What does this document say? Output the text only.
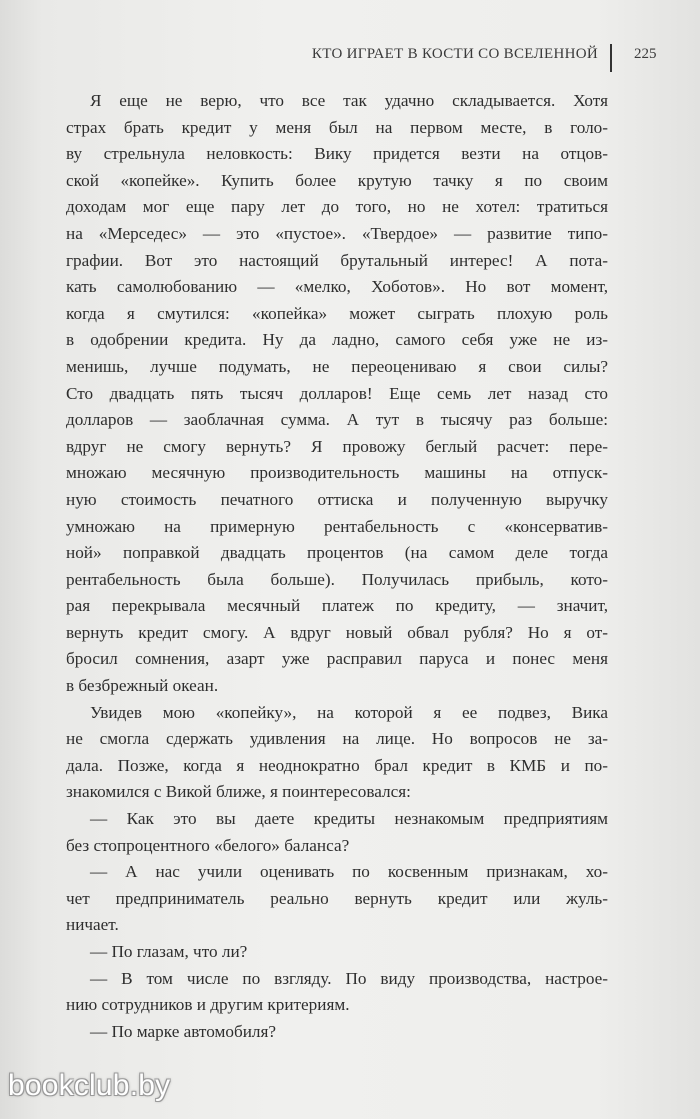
КТО ИГРАЕТ В КОСТИ СО ВСЕЛЕННОЙ 225
Я еще не верю, что все так удачно складывается. Хотя
страх брать кредит у меня был на первом месте, в голо-
ву стрельнула неловкость: Вику придется везти на отцов-
ской «копейке». Купить более крутую тачку я по своим
доходам мог еще пару лет до того, но не хотел: тратиться
на «Мерседес» — это «пустое». «Твердое» — развитие типо-
графии. Вот это настоящий брутальный интерес! А пота-
кать самолюбованию — «мелко, Хоботов». Но вот момент,
когда я смутился: «копейка» может сыграть плохую роль
в одобрении кредита. Ну да ладно, самого себя уже не из-
менишь, лучше подумать, не переоцениваю я свои силы?
Сто двадцать пять тысяч долларов! Еще семь лет назад сто
долларов — заоблачная сумма. А тут в тысячу раз больше:
вдруг не смогу вернуть? Я провожу беглый расчет: пере-
множаю месячную производительность машины на отпуск-
ную стоимость печатного оттиска и полученную выручку
умножаю на примерную рентабельность с «консерватив-
ной» поправкой двадцать процентов (на самом деле тогда
рентабельность была больше). Получилась прибыль, кото-
рая перекрывала месячный платеж по кредиту, — значит,
вернуть кредит смогу. А вдруг новый обвал рубля? Но я от-
бросил сомнения, азарт уже расправил паруса и понес меня
в безбрежный океан.
Увидев мою «копейку», на которой я ее подвез, Вика
не смогла сдержать удивления на лице. Но вопросов не за-
дала. Позже, когда я неоднократно брал кредит в КМБ и по-
знакомился с Викой ближе, я поинтересовался:
— Как это вы даете кредиты незнакомым предприятиям
без стопроцентного «белого» баланса?
— А нас учили оценивать по косвенным признакам, хо-
чет предприниматель реально вернуть кредит или жуль-
ничает.
— По глазам, что ли?
— В том числе по взгляду. По виду производства, настрое-
нию сотрудников и другим критериям.
— По марке автомобиля?
bookclub.by
